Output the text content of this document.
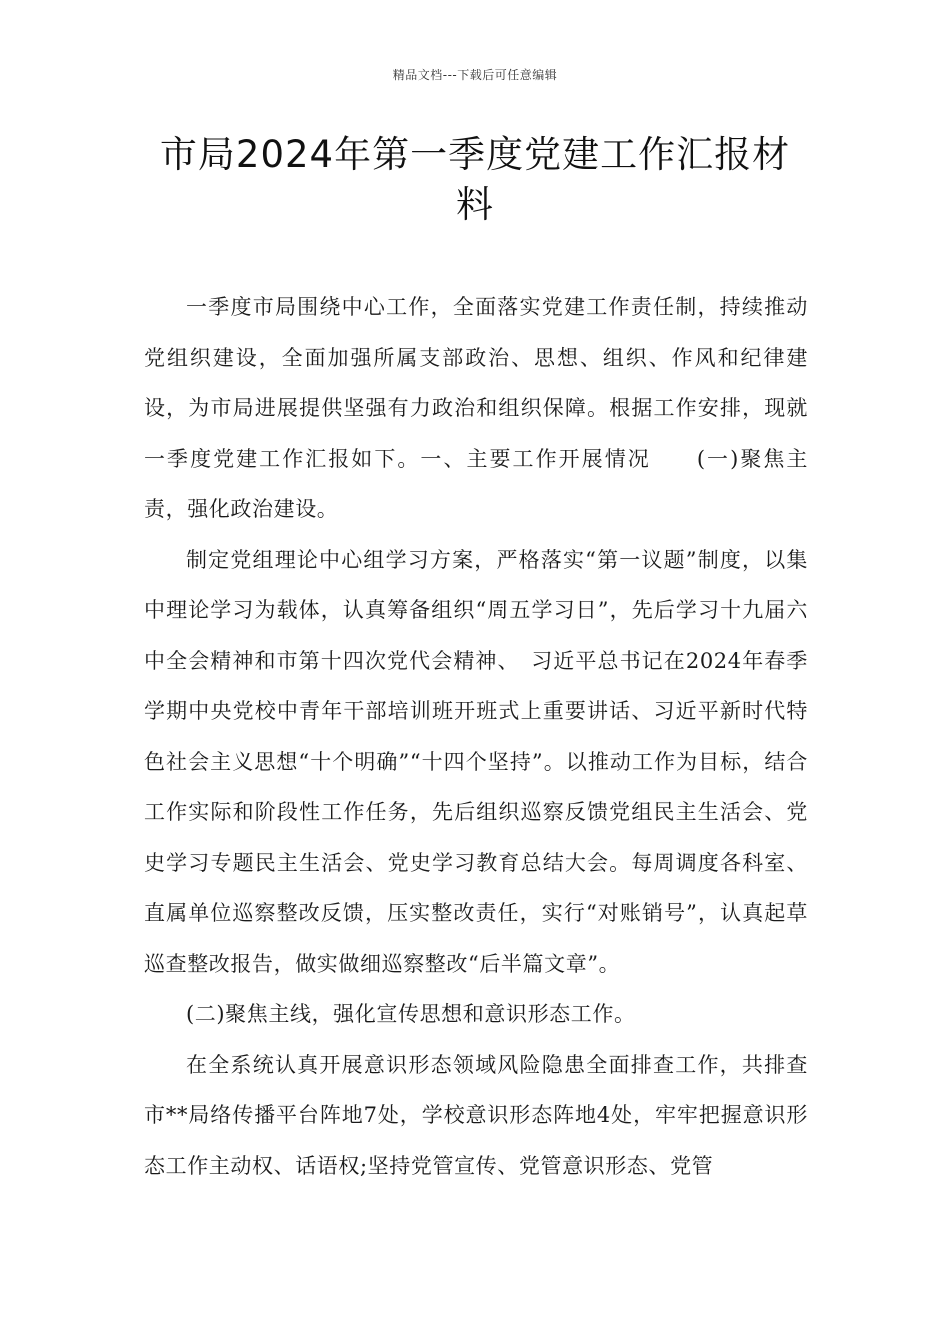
精品文档---下载后可任意编辑
市局2024年第一季度党建工作汇报材料

一季度市局围绕中心工作，全面落实党建工作责任制，持续推动党组织建设，全面加强所属支部政治、思想、组织、作风和纪律建设，为市局进展提供坚强有力政治和组织保障。根据工作安排，现就一季度党建工作汇报如下。一、主要工作开展情况　　(一)聚焦主责，强化政治建设。

制定党组理论中心组学习方案，严格落实“第一议题”制度，以集中理论学习为载体，认真筹备组织“周五学习日”，先后学习十九届六中全会精神和市第十四次党代会精神、　习近平总书记在2024年春季学期中央党校中青年干部培训班开班式上重要讲话、习近平新时代特色社会主义思想“十个明确”“十四个坚持”。以推动工作为目标，结合工作实际和阶段性工作任务，先后组织巡察反馈党组民主生活会、党史学习专题民主生活会、党史学习教育总结大会。每周调度各科室、直属单位巡察整改反馈，压实整改责任，实行“对账销号”，认真起草巡查整改报告，做实做细巡察整改“后半篇文章”。

(二)聚焦主线，强化宣传思想和意识形态工作。

在全系统认真开展意识形态领域风险隐患全面排查工作，共排查市**局络传播平台阵地7处，学校意识形态阵地4处，牢牢把握意识形态工作主动权、话语权;坚持党管宣传、党管意识形态、党管
